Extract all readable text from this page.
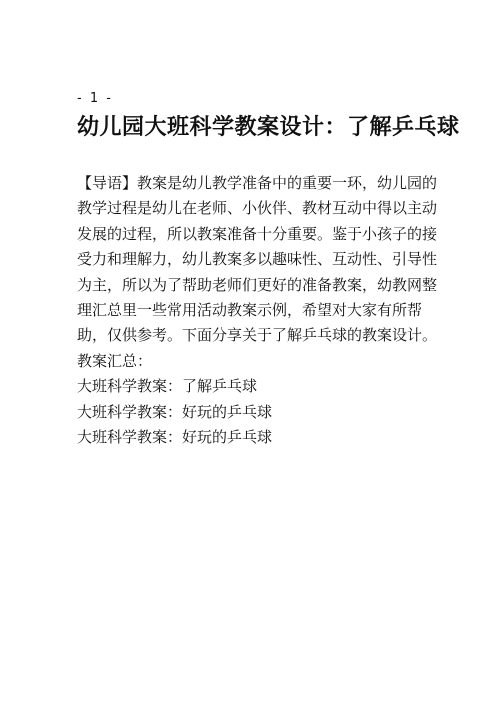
- 1 -
幼儿园大班科学教案设计：了解乒乓球
【导语】教案是幼儿教学准备中的重要一环，幼儿园的
教学过程是幼儿在老师、小伙伴、教材互动中得以主动
发展的过程，所以教案准备十分重要。鉴于小孩子的接
受力和理解力，幼儿教案多以趣味性、互动性、引导性
为主，所以为了帮助老师们更好的准备教案，幼教网整
理汇总里一些常用活动教案示例，希望对大家有所帮
助，仅供参考。下面分享关于了解乒乓球的教案设计。
教案汇总：
大班科学教案：了解乒乓球
大班科学教案：好玩的乒乓球
大班科学教案：好玩的乒乓球
